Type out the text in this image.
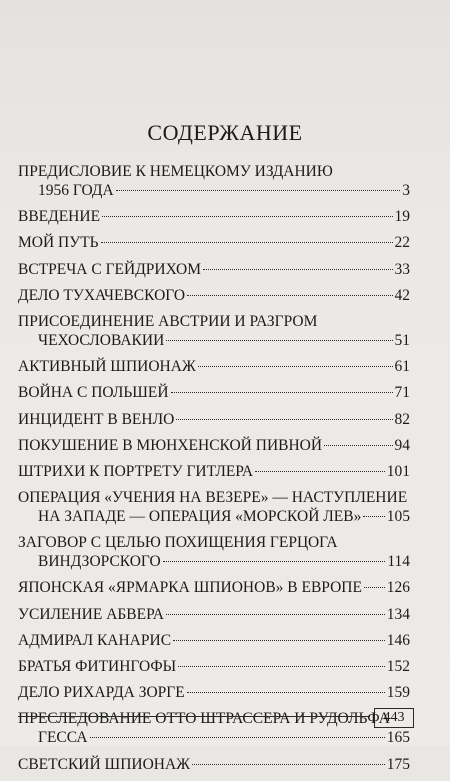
СОДЕРЖАНИЕ
ПРЕДИСЛОВИЕ К НЕМЕЦКОМУ ИЗДАНИЮ
1956 ГОДА	3
ВВЕДЕНИЕ	19
МОЙ ПУТЬ	22
ВСТРЕЧА С ГЕЙДРИХОМ	33
ДЕЛО ТУХАЧЕВСКОГО	42
ПРИСОЕДИНЕНИЕ АВСТРИИ И РАЗГРОМ
ЧЕХОСЛОВАКИИ	51
АКТИВНЫЙ ШПИОНАЖ	61
ВОЙНА С ПОЛЬШЕЙ	71
ИНЦИДЕНТ В ВЕНЛО	82
ПОКУШЕНИЕ В МЮНХЕНСКОЙ ПИВНОЙ	94
ШТРИХИ К ПОРТРЕТУ ГИТЛЕРА	101
ОПЕРАЦИЯ «УЧЕНИЯ НА ВЕЗЕРЕ» — НАСТУПЛЕНИЕ
НА ЗАПАДЕ — ОПЕРАЦИЯ «МОРСКОЙ ЛЕВ» 105
ЗАГОВОР С ЦЕЛЬЮ ПОХИЩЕНИЯ ГЕРЦОГА
ВИНДЗОРСКОГО	114
ЯПОНСКАЯ «ЯРМАРКА ШПИОНОВ» В ЕВРОПЕ 126
УСИЛЕНИЕ АБВЕРА	134
АДМИРАЛ КАНАРИС	146
БРАТЬЯ ФИТИНГОФЫ	152
ДЕЛО РИХАРДА ЗОРГЕ	159
ПРЕСЛЕДОВАНИЕ ОТТО ШТРАССЕРА И РУДОЛЬФА
ГЕССА	165
СВЕТСКИЙ ШПИОНАЖ	175
443
